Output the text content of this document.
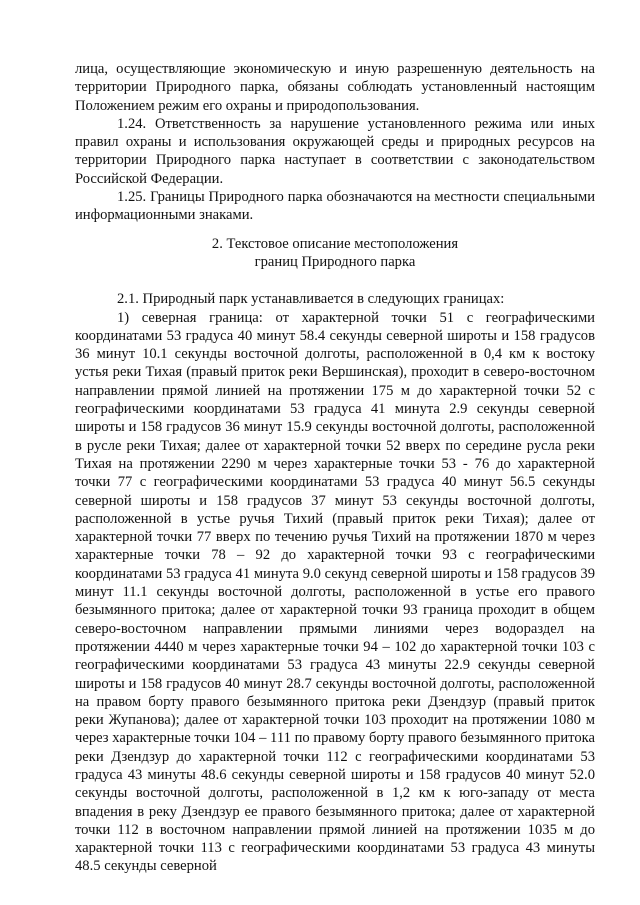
лица, осуществляющие экономическую и иную разрешенную деятельность на территории Природного парка, обязаны соблюдать установленный настоящим Положением режим его охраны и природопользования.

1.24. Ответственность за нарушение установленного режима или иных правил охраны и использования окружающей среды и природных ресурсов на территории Природного парка наступает в соответствии с законодательством Российской Федерации.

1.25. Границы Природного парка обозначаются на местности специальными информационными знаками.

2. Текстовое описание местоположения
границ Природного парка

2.1. Природный парк устанавливается в следующих границах:

1) северная граница: от характерной точки 51 с географическими координатами 53 градуса 40 минут 58.4 секунды северной широты и 158 градусов 36 минут 10.1 секунды восточной долготы, расположенной в 0,4 км к востоку устья реки Тихая (правый приток реки Вершинская), проходит в северо-восточном направлении прямой линией на протяжении 175 м до характерной точки 52 с географическими координатами 53 градуса 41 минута 2.9 секунды северной широты и 158 градусов 36 минут 15.9 секунды восточной долготы, расположенной в русле реки Тихая; далее от характерной точки 52 вверх по середине русла реки Тихая на протяжении 2290 м через характерные точки 53 - 76 до характерной точки 77 с географическими координатами 53 градуса 40 минут 56.5 секунды северной широты и 158 градусов 37 минут 53 секунды восточной долготы, расположенной в устье ручья Тихий (правый приток реки Тихая); далее от характерной точки 77 вверх по течению ручья Тихий на протяжении 1870 м через характерные точки 78 – 92 до характерной точки 93 с географическими координатами 53 градуса 41 минута 9.0 секунд северной широты и 158 градусов 39 минут 11.1 секунды восточной долготы, расположенной в устье его правого безымянного притока; далее от характерной точки 93 граница проходит в общем северо-восточном направлении прямыми линиями через водораздел на протяжении 4440 м через характерные точки 94 – 102 до характерной точки 103 с географическими координатами 53 градуса 43 минуты 22.9 секунды северной широты и 158 градусов 40 минут 28.7 секунды восточной долготы, расположенной на правом борту правого безымянного притока реки Дзендзур (правый приток реки Жупанова); далее от характерной точки 103 проходит на протяжении 1080 м через характерные точки 104 – 111 по правому борту правого безымянного притока реки Дзендзур до характерной точки 112 с географическими координатами 53 градуса 43 минуты 48.6 секунды северной широты и 158 градусов 40 минут 52.0 секунды восточной долготы, расположенной в 1,2 км к юго-западу от места впадения в реку Дзендзур ее правого безымянного притока; далее от характерной точки 112 в восточном направлении прямой линией на протяжении 1035 м до характерной точки 113 с географическими координатами 53 градуса 43 минуты 48.5 секунды северной
